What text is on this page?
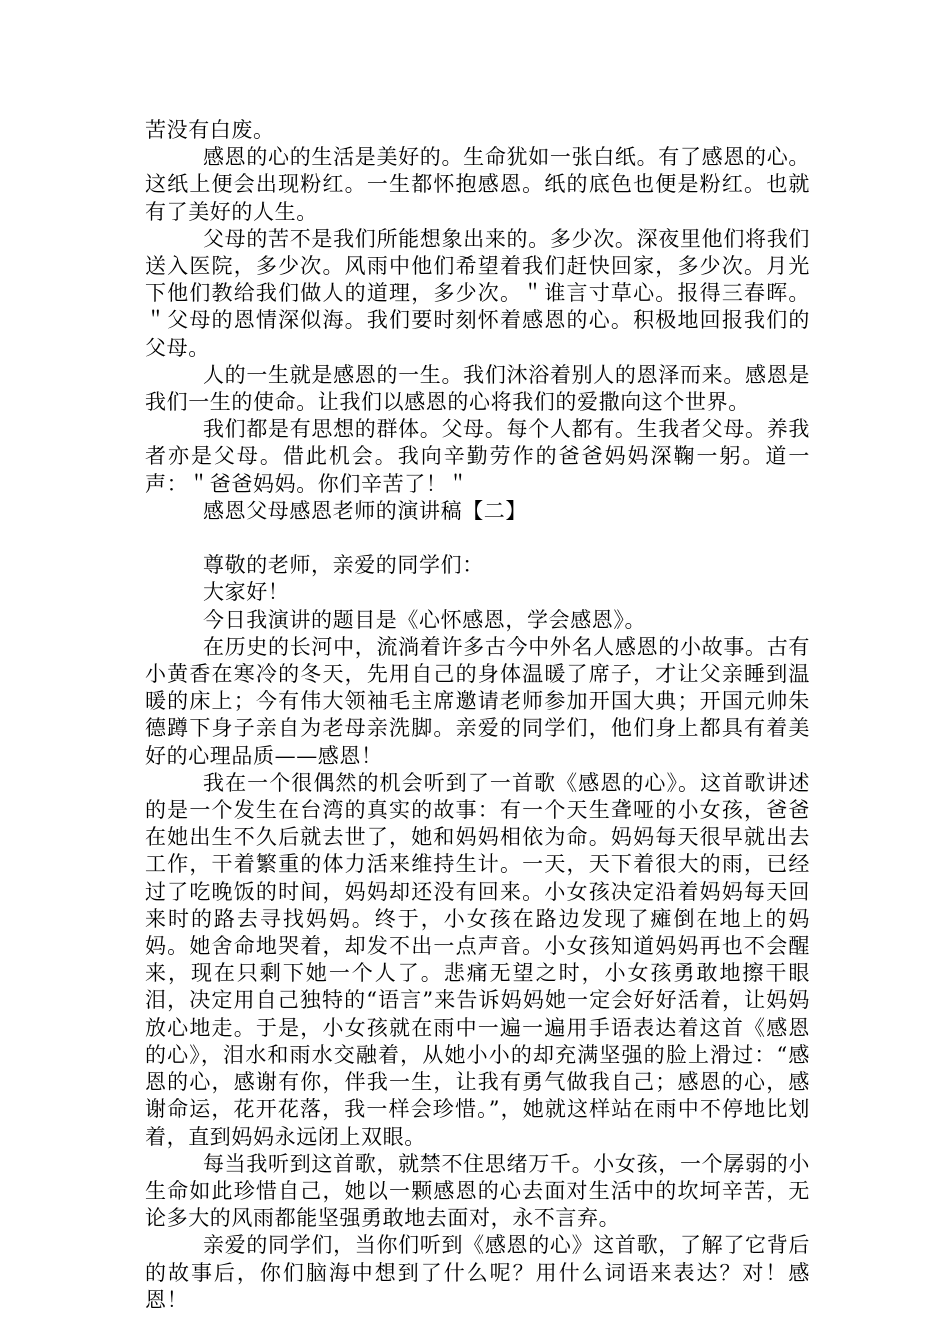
苦没有白废。

感恩的心的生活是美好的。生命犹如一张白纸。有了感恩的心。这纸上便会出现粉红。一生都怀抱感恩。纸的底色也便是粉红。也就有了美好的人生。

父母的苦不是我们所能想象出来的。多少次。深夜里他们将我们送入医院，多少次。风雨中他们希望着我们赶快回家，多少次。月光下他们教给我们做人的道理，多少次。＂谁言寸草心。报得三春晖。＂父母的恩情深似海。我们要时刻怀着感恩的心。积极地回报我们的父母。

人的一生就是感恩的一生。我们沐浴着别人的恩泽而来。感恩是我们一生的使命。让我们以感恩的心将我们的爱撒向这个世界。

我们都是有思想的群体。父母。每个人都有。生我者父母。养我者亦是父母。借此机会。我向辛勤劳作的爸爸妈妈深鞠一躬。道一声：＂爸爸妈妈。你们辛苦了！＂

感恩父母感恩老师的演讲稿【二】

尊敬的老师，亲爱的同学们：

大家好！

今日我演讲的题目是《心怀感恩，学会感恩》。

在历史的长河中，流淌着许多古今中外名人感恩的小故事。古有小黄香在寒冷的冬天，先用自己的身体温暖了席子，才让父亲睡到温暖的床上；今有伟大领袖毛主席邀请老师参加开国大典；开国元帅朱德蹲下身子亲自为老母亲洗脚。亲爱的同学们，他们身上都具有着美好的心理品质——感恩！

我在一个很偶然的机会听到了一首歌《感恩的心》。这首歌讲述的是一个发生在台湾的真实的故事：有一个天生聋哑的小女孩，爸爸在她出生不久后就去世了，她和妈妈相依为命。妈妈每天很早就出去工作，干着繁重的体力活来维持生计。一天，天下着很大的雨，已经过了吃晚饭的时间，妈妈却还没有回来。小女孩决定沿着妈妈每天回来时的路去寻找妈妈。终于，小女孩在路边发现了瘫倒在地上的妈妈。她舍命地哭着，却发不出一点声音。小女孩知道妈妈再也不会醒来，现在只剩下她一个人了。悲痛无望之时，小女孩勇敢地擦干眼泪，决定用自己独特的“语言”来告诉妈妈她一定会好好活着，让妈妈放心地走。于是，小女孩就在雨中一遍一遍用手语表达着这首《感恩的心》，泪水和雨水交融着，从她小小的却充满坚强的脸上滑过：“感恩的心，感谢有你，伴我一生，让我有勇气做我自己；感恩的心，感谢命运，花开花落，我一样会珍惜。”，她就这样站在雨中不停地比划着，直到妈妈永远闭上双眼。

每当我听到这首歌，就禁不住思绪万千。小女孩，一个孱弱的小生命如此珍惜自己，她以一颗感恩的心去面对生活中的坎坷辛苦，无论多大的风雨都能坚强勇敢地去面对，永不言弃。

亲爱的同学们，当你们听到《感恩的心》这首歌，了解了它背后的故事后，你们脑海中想到了什么呢？用什么词语来表达？对！感恩！
